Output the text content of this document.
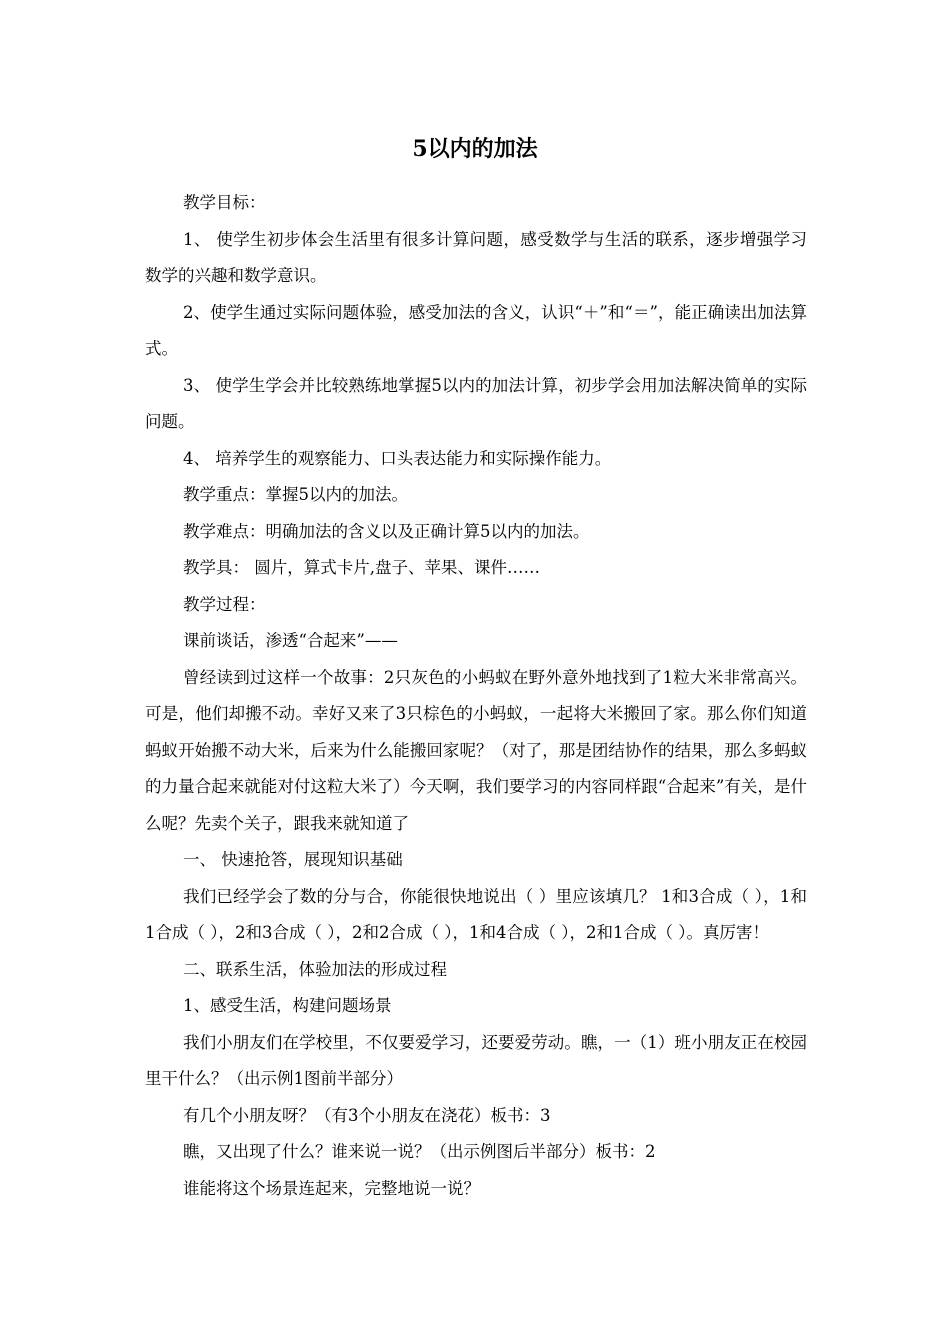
5以内的加法

教学目标：

1、 使学生初步体会生活里有很多计算问题，感受数学与生活的联系，逐步增强学习数学的兴趣和数学意识。

2、使学生通过实际问题体验，感受加法的含义，认识“＋”和“＝”，能正确读出加法算式。

3、 使学生学会并比较熟练地掌握5以内的加法计算，初步学会用加法解决简单的实际问题。

4、 培养学生的观察能力、口头表达能力和实际操作能力。

教学重点：掌握5以内的加法。

教学难点：明确加法的含义以及正确计算5以内的加法。

教学具： 圆片，算式卡片,盘子、苹果、课件……

教学过程：

课前谈话，渗透“合起来”——

曾经读到过这样一个故事：2只灰色的小蚂蚁在野外意外地找到了1粒大米非常高兴。可是，他们却搬不动。幸好又来了3只棕色的小蚂蚁，一起将大米搬回了家。那么你们知道蚂蚁开始搬不动大米，后来为什么能搬回家呢？（对了，那是团结协作的结果，那么多蚂蚁的力量合起来就能对付这粒大米了）今天啊，我们要学习的内容同样跟“合起来”有关，是什么呢？先卖个关子，跟我来就知道了

一、 快速抢答，展现知识基础

我们已经学会了数的分与合，你能很快地说出（ ）里应该填几？ 1和3合成（ ），1和1合成（ ），2和3合成（ ），2和2合成（ ），1和4合成（ ），2和1合成（ ）。真厉害！

二、联系生活，体验加法的形成过程

1、感受生活，构建问题场景

我们小朋友们在学校里，不仅要爱学习，还要爱劳动。瞧，一（1）班小朋友正在校园里干什么？（出示例1图前半部分）

有几个小朋友呀？（有3个小朋友在浇花）板书：3

瞧，又出现了什么？谁来说一说？（出示例图后半部分）板书：2

谁能将这个场景连起来，完整地说一说？
